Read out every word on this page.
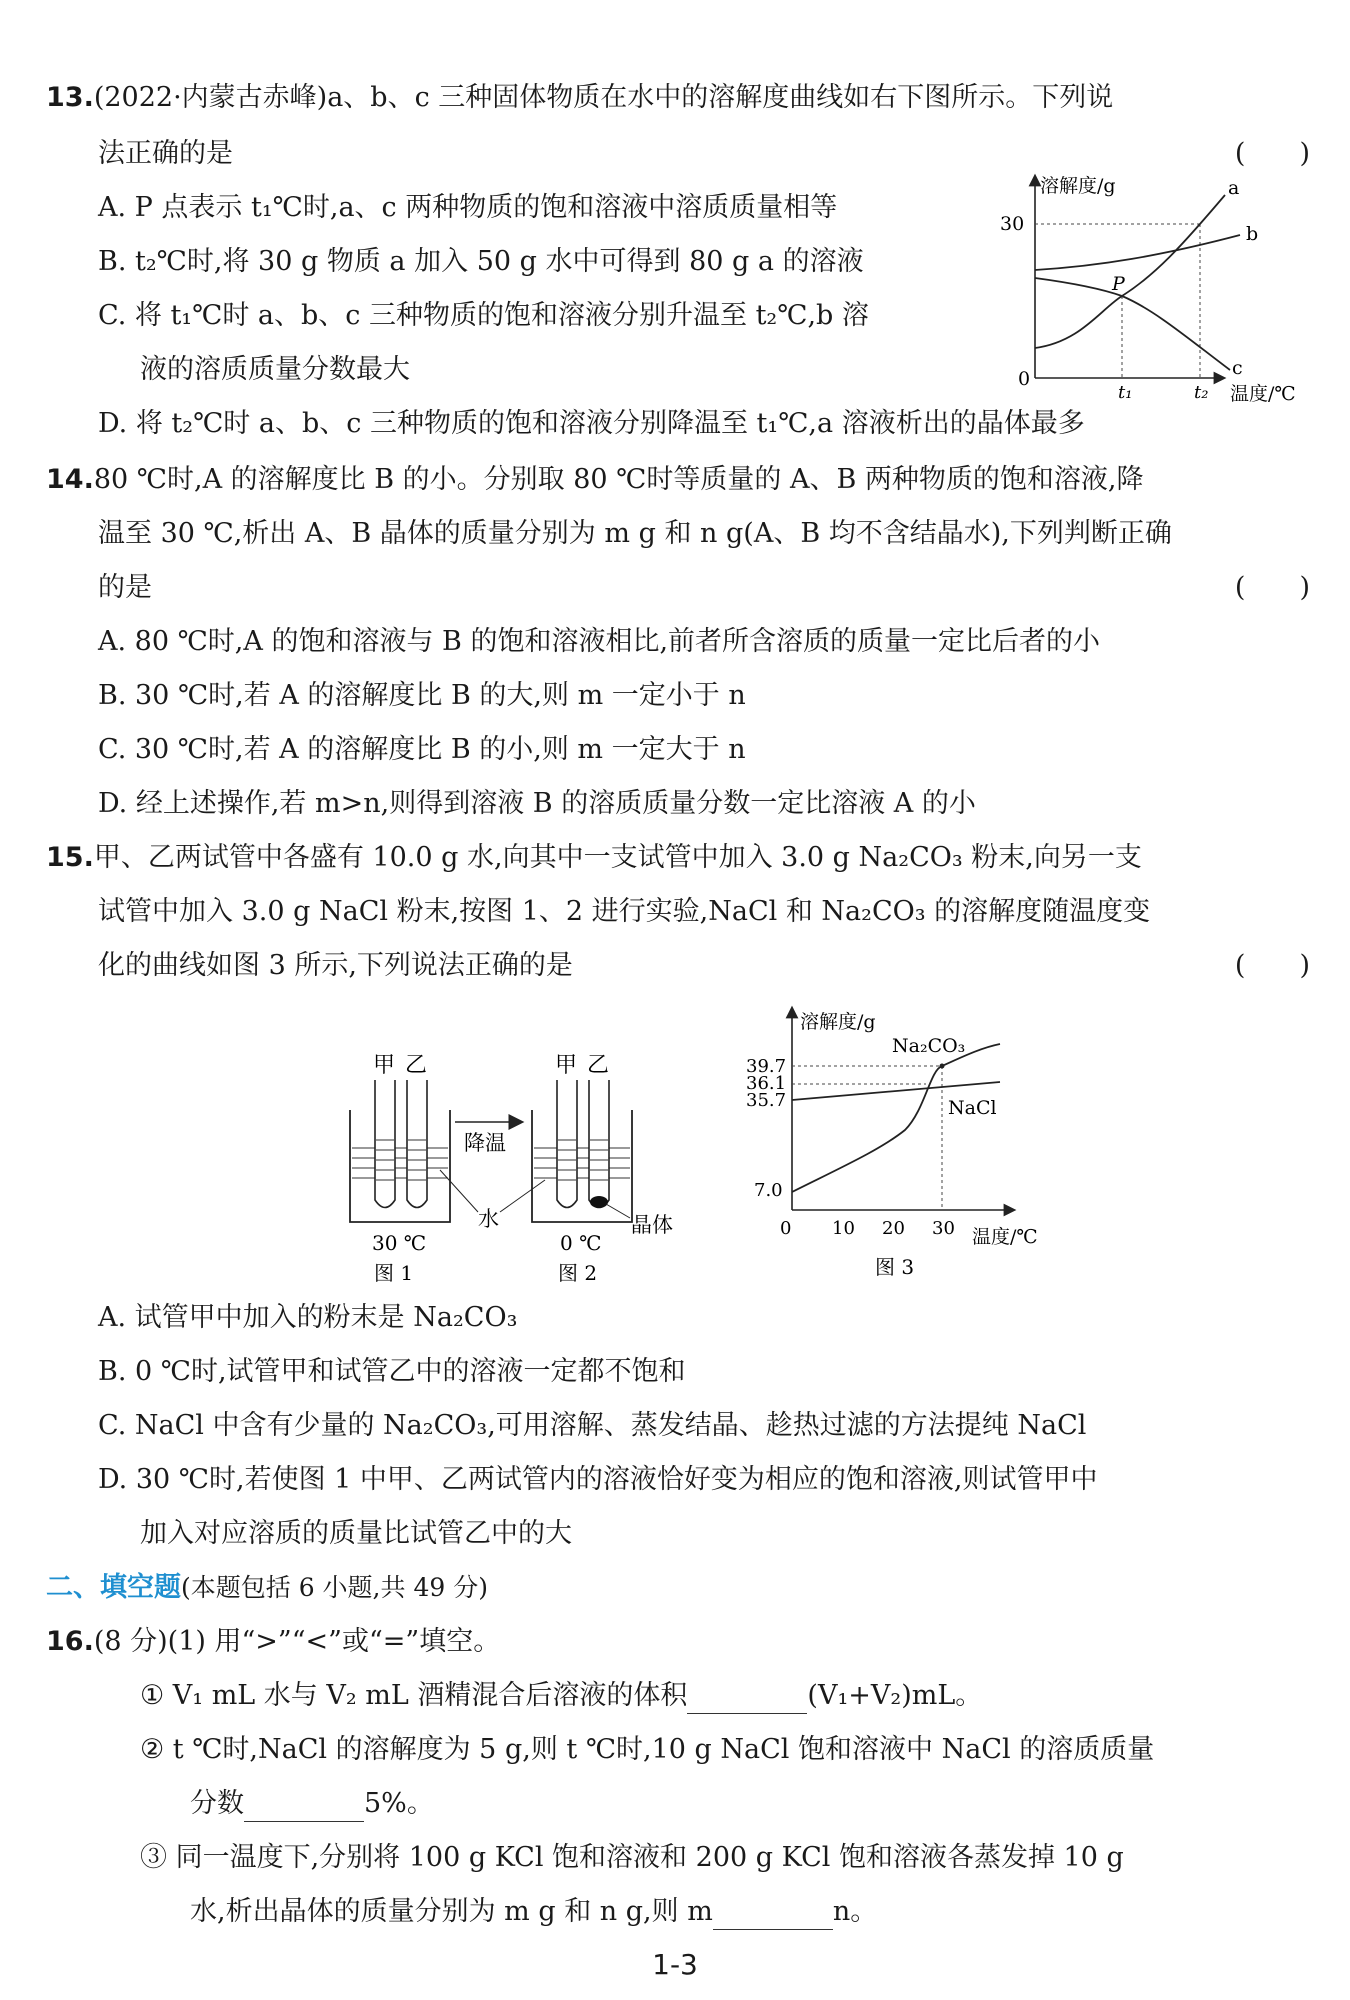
13.(2022·内蒙古赤峰)a、b、c 三种固体物质在水中的溶解度曲线如右下图所示。下列说
法正确的是	(　　)
A. P 点表示 t₁℃时,a、c 两种物质的饱和溶液中溶质质量相等
B. t₂℃时,将 30 g 物质 a 加入 50 g 水中可得到 80 g a 的溶液
C. 将 t₁℃时 a、b、c 三种物质的饱和溶液分别升温至 t₂℃,b 溶
液的溶质质量分数最大
D. 将 t₂℃时 a、b、c 三种物质的饱和溶液分别降温至 t₁℃,a 溶液析出的晶体最多
溶解度/g
30
0
温度/℃
t₁	t₂
P
a
b
c
14.80 ℃时,A 的溶解度比 B 的小。分别取 80 ℃时等质量的 A、B 两种物质的饱和溶液,降
温至 30 ℃,析出 A、B 晶体的质量分别为 m g 和 n g(A、B 均不含结晶水),下列判断正确
的是	(　　)
A. 80 ℃时,A 的饱和溶液与 B 的饱和溶液相比,前者所含溶质的质量一定比后者的小
B. 30 ℃时,若 A 的溶解度比 B 的大,则 m 一定小于 n
C. 30 ℃时,若 A 的溶解度比 B 的小,则 m 一定大于 n
D. 经上述操作,若 m>n,则得到溶液 B 的溶质质量分数一定比溶液 A 的小
15.甲、乙两试管中各盛有 10.0 g 水,向其中一支试管中加入 3.0 g Na₂CO₃ 粉末,向另一支
试管中加入 3.0 g NaCl 粉末,按图 1、2 进行实验,NaCl 和 Na₂CO₃ 的溶解度随温度变
化的曲线如图 3 所示,下列说法正确的是	(　　)
甲 乙
30 ℃
图 1
降温
水
甲 乙
晶体
0 ℃
图 2
溶解度/g
温度/℃
39.7
36.1
35.7
7.0
0 10 20 30
Na₂CO₃
NaCl
图 3
A. 试管甲中加入的粉末是 Na₂CO₃
B. 0 ℃时,试管甲和试管乙中的溶液一定都不饱和
C. NaCl 中含有少量的 Na₂CO₃,可用溶解、蒸发结晶、趁热过滤的方法提纯 NaCl
D. 30 ℃时,若使图 1 中甲、乙两试管内的溶液恰好变为相应的饱和溶液,则试管甲中
加入对应溶质的质量比试管乙中的大
二、填空题(本题包括 6 小题,共 49 分)
16.(8 分)(1) 用“>”“<”或“=”填空。
① V₁ mL 水与 V₂ mL 酒精混合后溶液的体积	(V₁+V₂)mL。
② t ℃时,NaCl 的溶解度为 5 g,则 t ℃时,10 g NaCl 饱和溶液中 NaCl 的溶质质量
分数	5%。
③ 同一温度下,分别将 100 g KCl 饱和溶液和 200 g KCl 饱和溶液各蒸发掉 10 g
水,析出晶体的质量分别为 m g 和 n g,则 m	n。
1-3
